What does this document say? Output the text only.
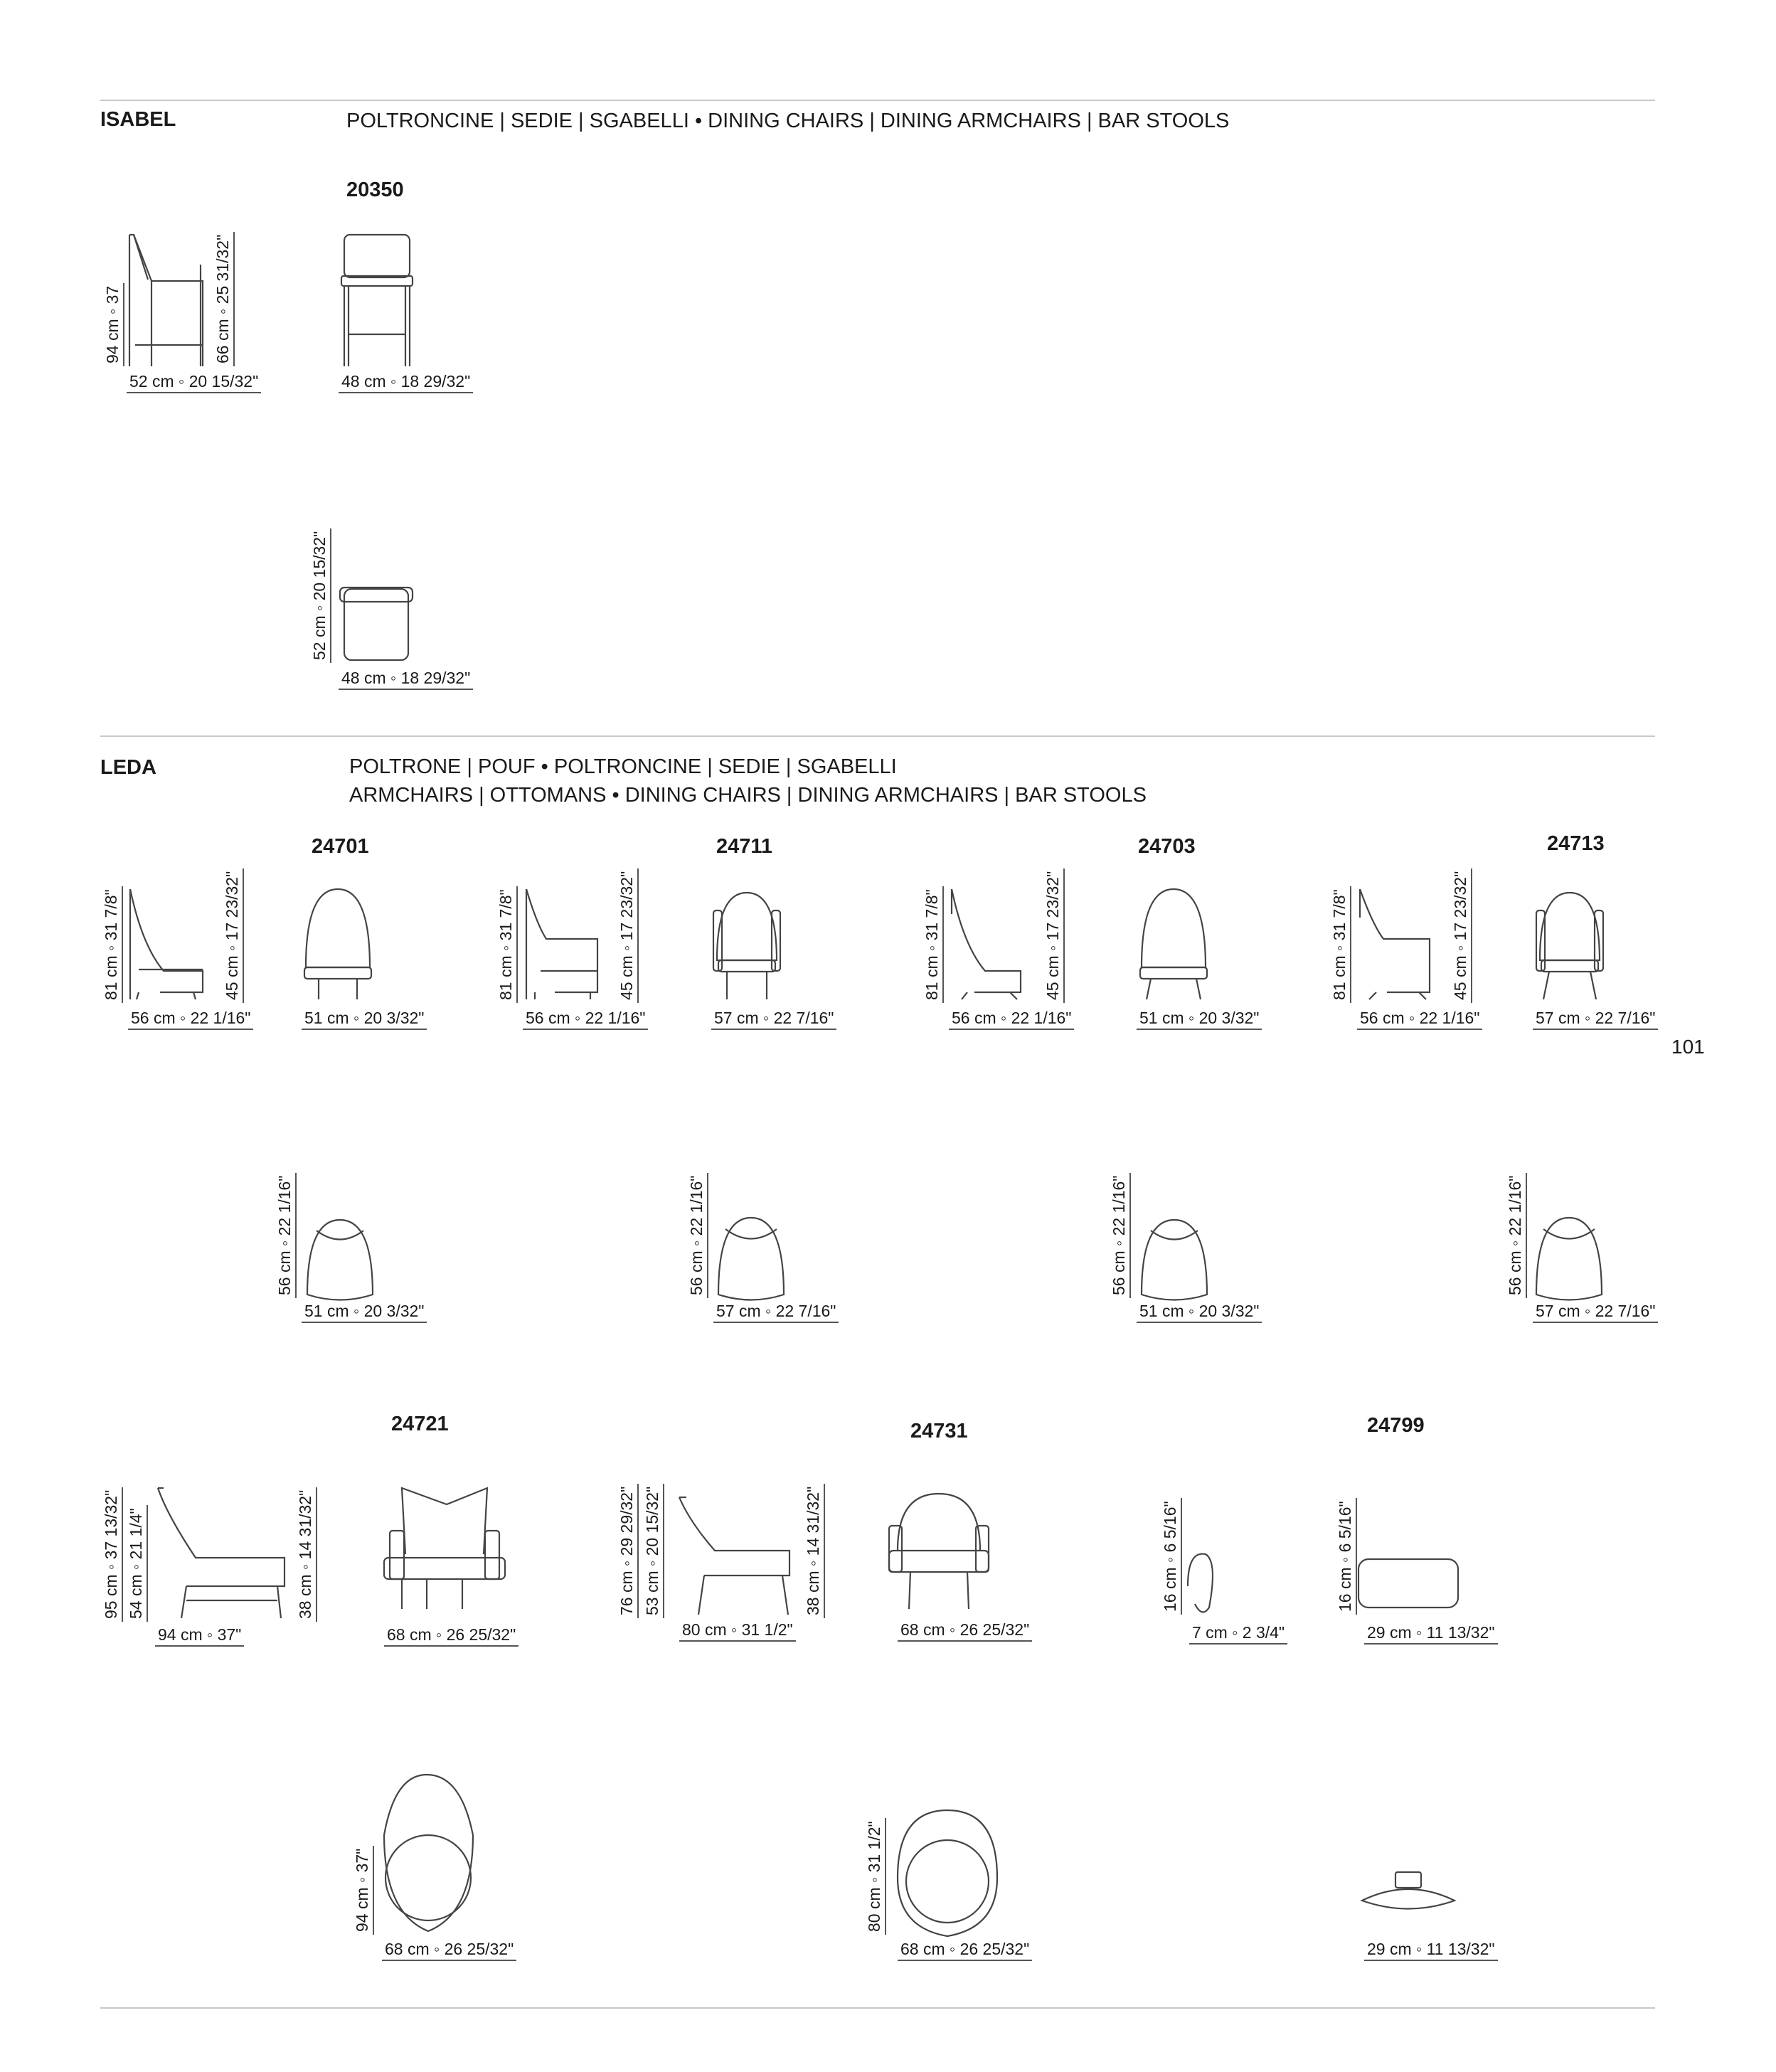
ISABEL	POLTRONCINE | SEDIE | SGABELLI • DINING CHAIRS | DINING ARMCHAIRS | BAR STOOLS
20350
LEDA	POLTRONE | POUF • POLTRONCINE | SEDIE | SGABELLI
ARMCHAIRS | OTTOMANS • DINING CHAIRS | DINING ARMCHAIRS | BAR STOOLS
101
94 cm ◦ 37	66 cm ◦ 25 31/32"
52 cm ◦ 20 15/32"	48 cm ◦ 18 29/32"
52 cm ◦ 20 15/32"
48 cm ◦ 18 29/32"
24701	24711	24703	24713
81 cm ◦ 31 7/8"	45 cm ◦ 17 23/32"
56 cm ◦ 22 1/16"	51 cm ◦ 20 3/32"
56 cm ◦ 22 1/16"
51 cm ◦ 20 3/32"
81 cm ◦ 31 7/8"	45 cm ◦ 17 23/32"
56 cm ◦ 22 1/16"	57 cm ◦ 22 7/16"
56 cm ◦ 22 1/16"
57 cm ◦ 22 7/16"
81 cm ◦ 31 7/8"	45 cm ◦ 17 23/32"
56 cm ◦ 22 1/16"	51 cm ◦ 20 3/32"
56 cm ◦ 22 1/16"
51 cm ◦ 20 3/32"
81 cm ◦ 31 7/8"	45 cm ◦ 17 23/32"
56 cm ◦ 22 1/16"	57 cm ◦ 22 7/16"
56 cm ◦ 22 1/16"
57 cm ◦ 22 7/16"
24721	24731	24799
95 cm ◦ 37 13/32" 54 cm ◦ 21 1/4"	38 cm ◦ 14 31/32"
94 cm ◦ 37"	68 cm ◦ 26 25/32"
94 cm ◦ 37"
68 cm ◦ 26 25/32"
76 cm ◦ 29 29/32" 53 cm ◦ 20 15/32"	38 cm ◦ 14 31/32"
80 cm ◦ 31 1/2"	68 cm ◦ 26 25/32"
80 cm ◦ 31 1/2"
68 cm ◦ 26 25/32"
16 cm ◦ 6 5/16"
7 cm ◦ 2 3/4"
16 cm ◦ 6 5/16"
29 cm ◦ 11 13/32"
29 cm ◦ 11 13/32"
